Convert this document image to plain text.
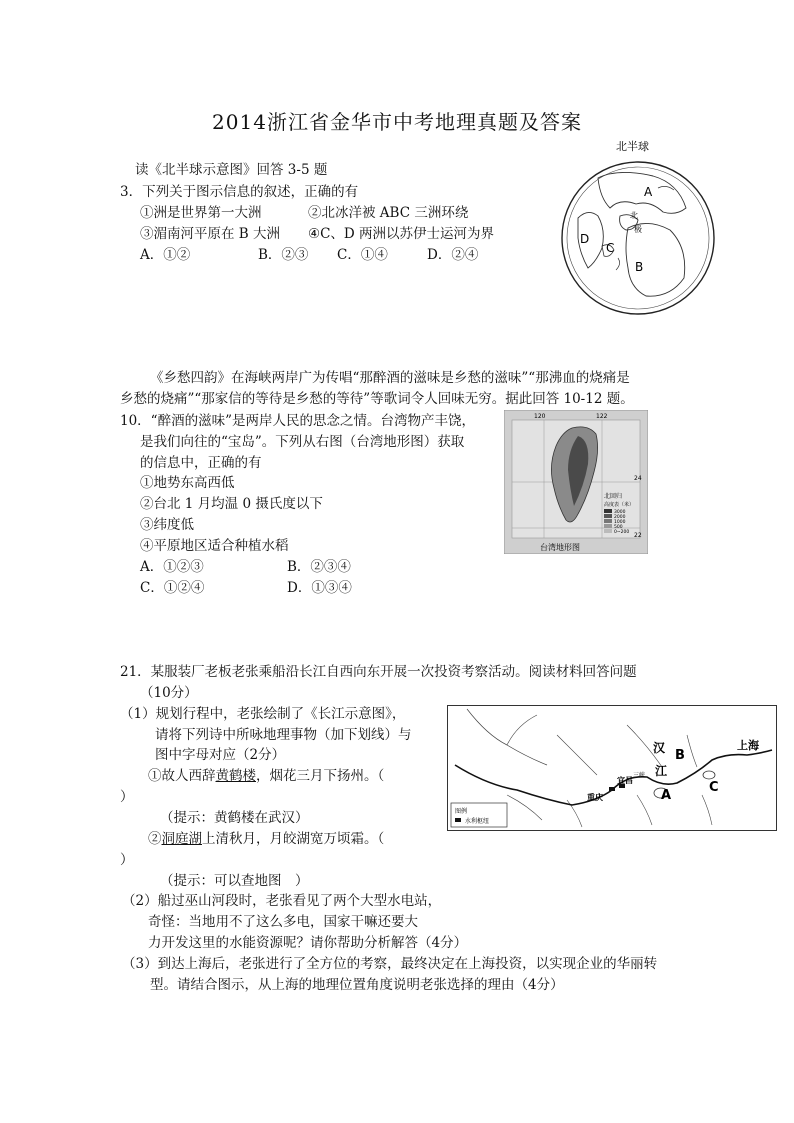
2014浙江省金华市中考地理真题及答案
读《北半球示意图》回答 3-5 题
3．下列关于图示信息的叙述，正确的有
①洲是世界第一大洲	②北冰洋被 ABC 三洲环绕
③湄南河平原在 B 大洲 ④C、D 两洲以苏伊士运河为界
A．①②	B．②③ C．①④	D．②④
北半球
A
D
C
B
北
极
《乡愁四韵》在海峡两岸广为传唱“那醉酒的滋味是乡愁的滋味”“那沸血的烧痛是
乡愁的烧痛”“那家信的等待是乡愁的等待”等歌词令人回味无穷。据此回答 10-12 题。
10．“醉酒的滋味”是两岸人民的思念之情。台湾物产丰饶，
是我们向往的“宝岛”。下列从右图（台湾地形图）获取
的信息中，正确的有
①地势东高西低
②台北 1 月均温 0 摄氏度以下
③纬度低
④平原地区适合种植水稻
A．①②③	B．②③④
C．①②④	D．①③④
120	122
24
22
北回归
高度表（米）
3000
2000
1000
500
0~200
台湾地形图
21．某服装厂老板老张乘船沿长江自西向东开展一次投资考察活动。阅读材料回答问题
（10分）
（1）规划行程中，老张绘制了《长江示意图》，
请将下列诗中所咏地理事物（加下划线）与
图中字母对应（2分）
①故人西辞黄鹤楼，烟花三月下扬州。（
）
（提示：黄鹤楼在武汉）
②洞庭湖上清秋月，月皎湖宽万顷霜。（
）
（提示：可以查地图　）
（2）船过巫山河段时，老张看见了两个大型水电站，
奇怪：当地用不了这么多电，国家干嘛还要大
力开发这里的水能资源呢？请你帮助分析解答（4分）
（3）到达上海后，老张进行了全方位的考察，最终决定在上海投资，以实现企业的华丽转
型。请结合图示，从上海的地理位置角度说明老张选择的理由（4分）
汉 B
江
上海
A
C
三峡
宜昌
重庆
图例
水利枢纽
